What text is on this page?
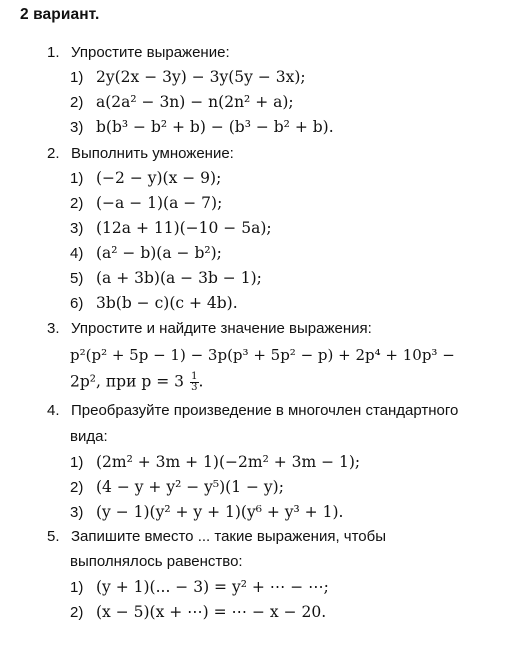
2 вариант.
1. Упростите выражение:
1) 2y(2x − 3y) − 3y(5y − 3x);
2) a(2a² − 3n) − n(2n² + a);
3) b(b³ − b² + b) − (b³ − b² + b).
2. Выполнить умножение:
1) (−2 − y)(x − 9);
2) (−a − 1)(a − 7);
3) (12a + 11)(−10 − 5a);
4) (a² − b)(a − b²);
5) (a + 3b)(a − 3b − 1);
6) 3b(b − c)(c + 4b).
3. Упростите и найдите значение выражения:
p²(p² + 5p − 1) − 3p(p³ + 5p² − p) + 2p⁴ + 10p³ −
2p², при $p = 3 \frac{1}{3}$ .
4. Преобразуйте произведение в многочлен стандартного
вида:
1) (2m² + 3m + 1)(−2m² + 3m − 1);
2) (4 − y + y² − y⁵)(1 − y);
3) (y − 1)(y² + y + 1)(y⁶ + y³ + 1).
5. Запишите вместо ... такие выражения, чтобы
выполнялось равенство:
1) (y + 1)(... − 3) = y² + ⋯ − ⋯;
2) (x − 5)(x + ⋯) = ⋯ − x − 20.
